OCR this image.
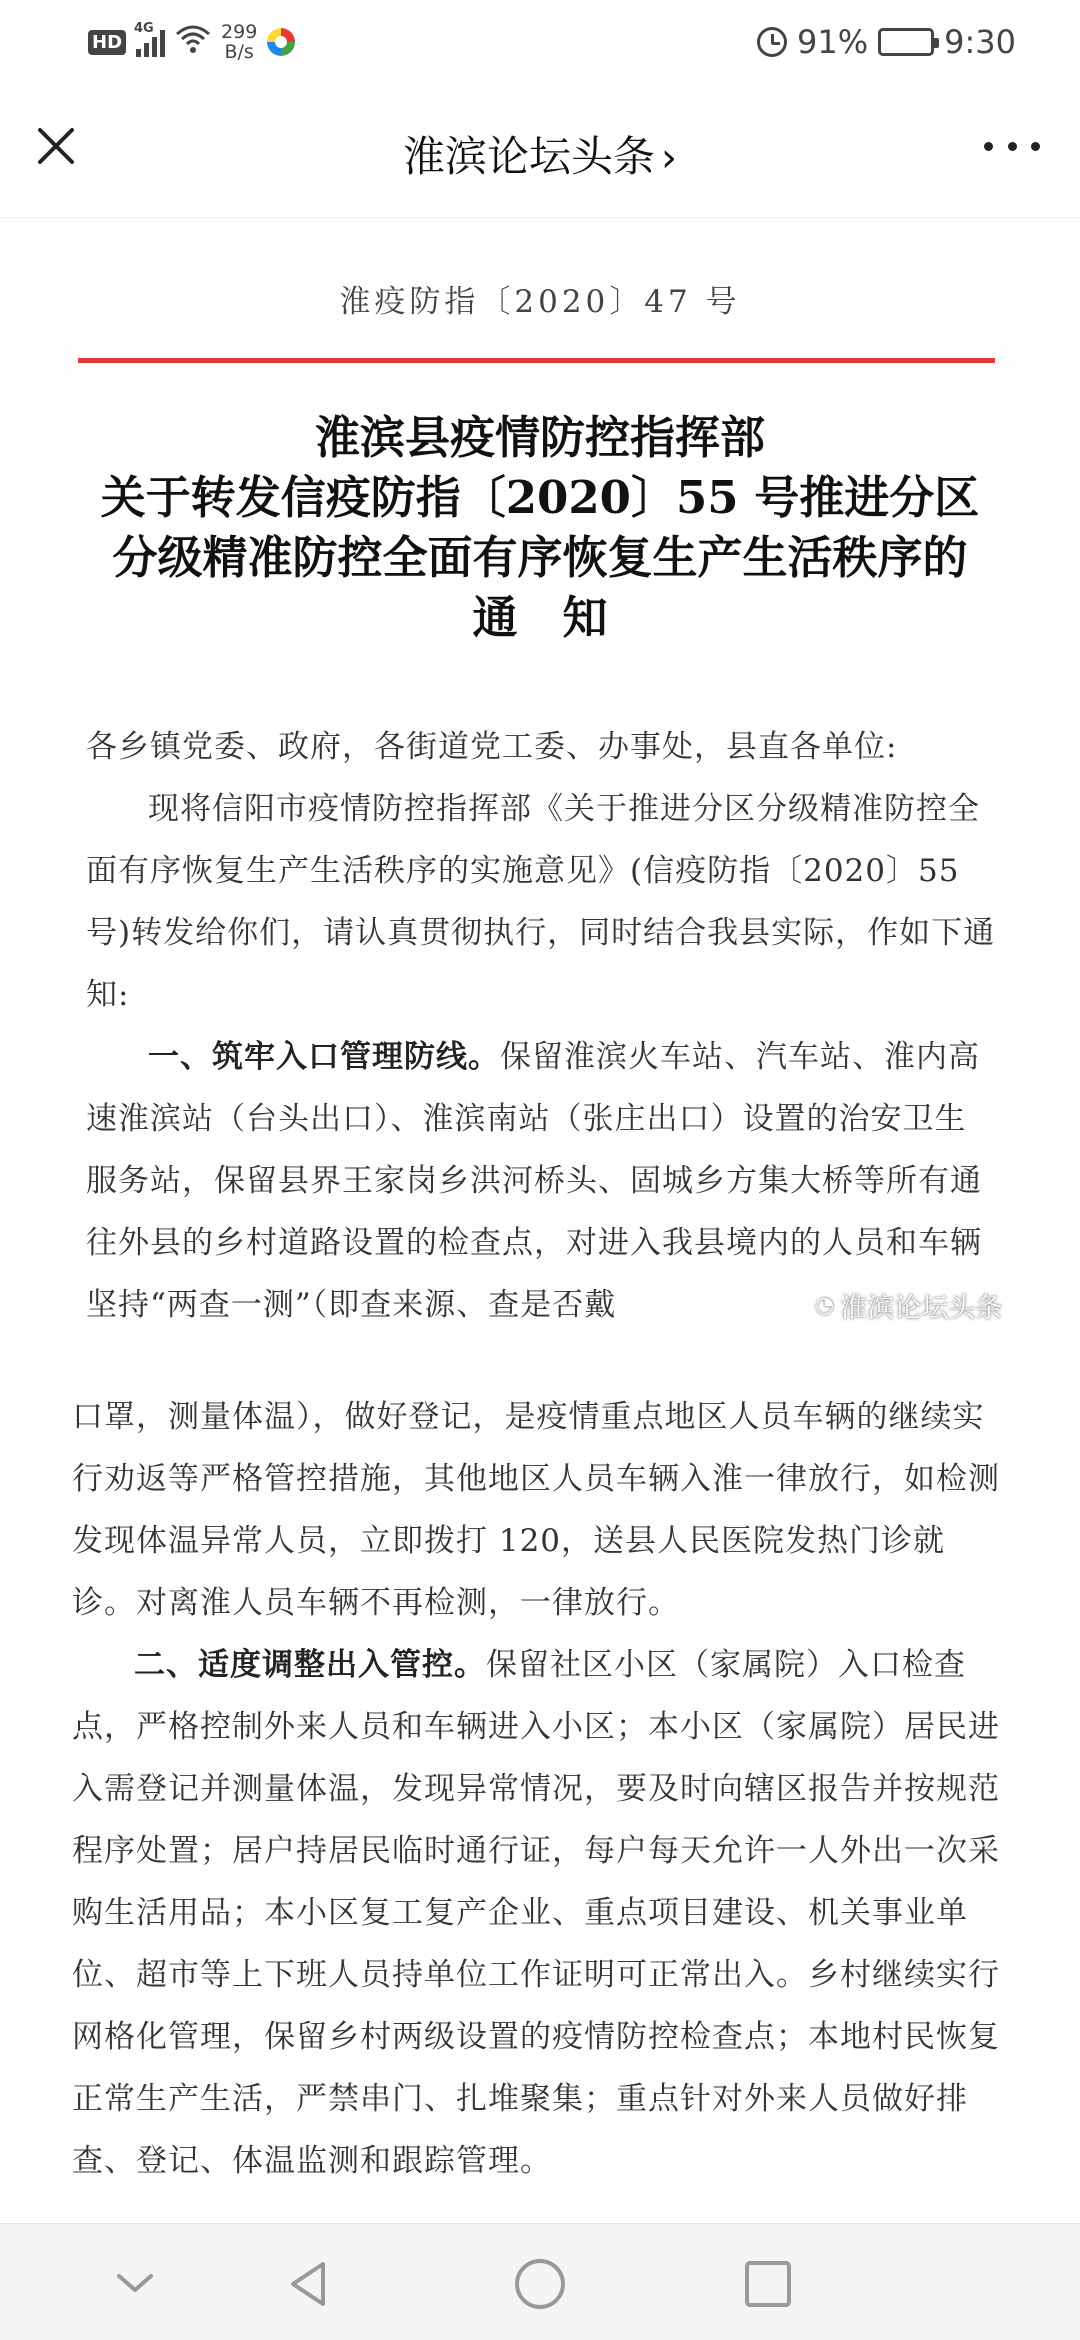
HD
4G	299
B/s	91% 9:30
淮滨论坛头条 ›
淮疫防指〔2020〕47 号
淮滨县疫情防控指挥部
关于转发信疫防指〔2020〕55 号推进分区
分级精准防控全面有序恢复生产生活秩序的
通　知

各乡镇党委、政府，各街道党工委、办事处，县直各单位:

现将信阳市疫情防控指挥部《关于推进分区分级精准防控全面有序恢复生产生活秩序的实施意见》(信疫防指〔2020〕55号)转发给你们，请认真贯彻执行，同时结合我县实际，作如下通知:

一、筑牢入口管理防线。保留淮滨火车站、汽车站、淮内高速淮滨站（台头出口）、淮滨南站（张庄出口）设置的治安卫生服务站，保留县界王家岗乡洪河桥头、固城乡方集大桥等所有通往外县的乡村道路设置的检查点，对进入我县境内的人员和车辆坚持“两查一测”（即查来源、查是否戴	◔ 淮滨论坛头条

口罩，测量体温），做好登记，是疫情重点地区人员车辆的继续实行劝返等严格管控措施，其他地区人员车辆入淮一律放行，如检测发现体温异常人员，立即拨打 120，送县人民医院发热门诊就诊。对离淮人员车辆不再检测，一律放行。

二、适度调整出入管控。保留社区小区（家属院）入口检查点，严格控制外来人员和车辆进入小区；本小区（家属院）居民进入需登记并测量体温，发现异常情况，要及时向辖区报告并按规范程序处置；居户持居民临时通行证，每户每天允许一人外出一次采购生活用品；本小区复工复产企业、重点项目建设、机关事业单位、超市等上下班人员持单位工作证明可正常出入。乡村继续实行网格化管理，保留乡村两级设置的疫情防控检查点；本地村民恢复正常生产生活，严禁串门、扎堆聚集；重点针对外来人员做好排查、登记、体温监测和跟踪管理。
